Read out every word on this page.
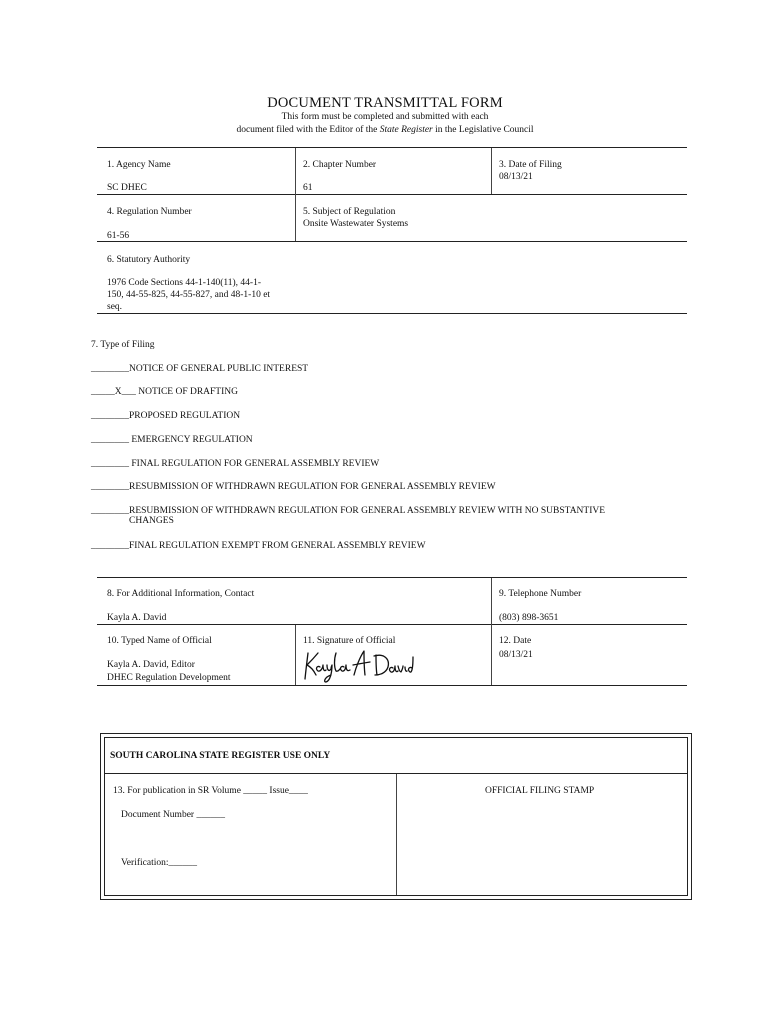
DOCUMENT TRANSMITTAL FORM
This form must be completed and submitted with each
document filed with the Editor of the State Register in the Legislative Council
1. Agency Name
SC DHEC
2. Chapter Number
61
3. Date of Filing
08/13/21
4. Regulation Number
61-56
5. Subject of Regulation
Onsite Wastewater Systems
6. Statutory Authority
1976 Code Sections 44-1-140(11), 44-1-
150, 44-55-825, 44-55-827, and 48-1-10 et
seq.
7. Type of Filing
________NOTICE OF GENERAL PUBLIC INTEREST
_____X___ NOTICE OF DRAFTING
________PROPOSED REGULATION
________ EMERGENCY REGULATION
________ FINAL REGULATION FOR GENERAL ASSEMBLY REVIEW
________RESUBMISSION OF WITHDRAWN REGULATION FOR GENERAL ASSEMBLY REVIEW
________RESUBMISSION OF WITHDRAWN REGULATION FOR GENERAL ASSEMBLY REVIEW WITH NO SUBSTANTIVE
CHANGES
________FINAL REGULATION EXEMPT FROM GENERAL ASSEMBLY REVIEW
8. For Additional Information, Contact
Kayla A. David
9. Telephone Number
(803) 898-3651
10. Typed Name of Official
Kayla A. David, Editor
DHEC Regulation Development
11. Signature of Official	12. Date
08/13/21
SOUTH CAROLINA STATE REGISTER USE ONLY
13. For publication in SR Volume _____ Issue____
Document Number ______
Verification:______
OFFICIAL FILING STAMP
